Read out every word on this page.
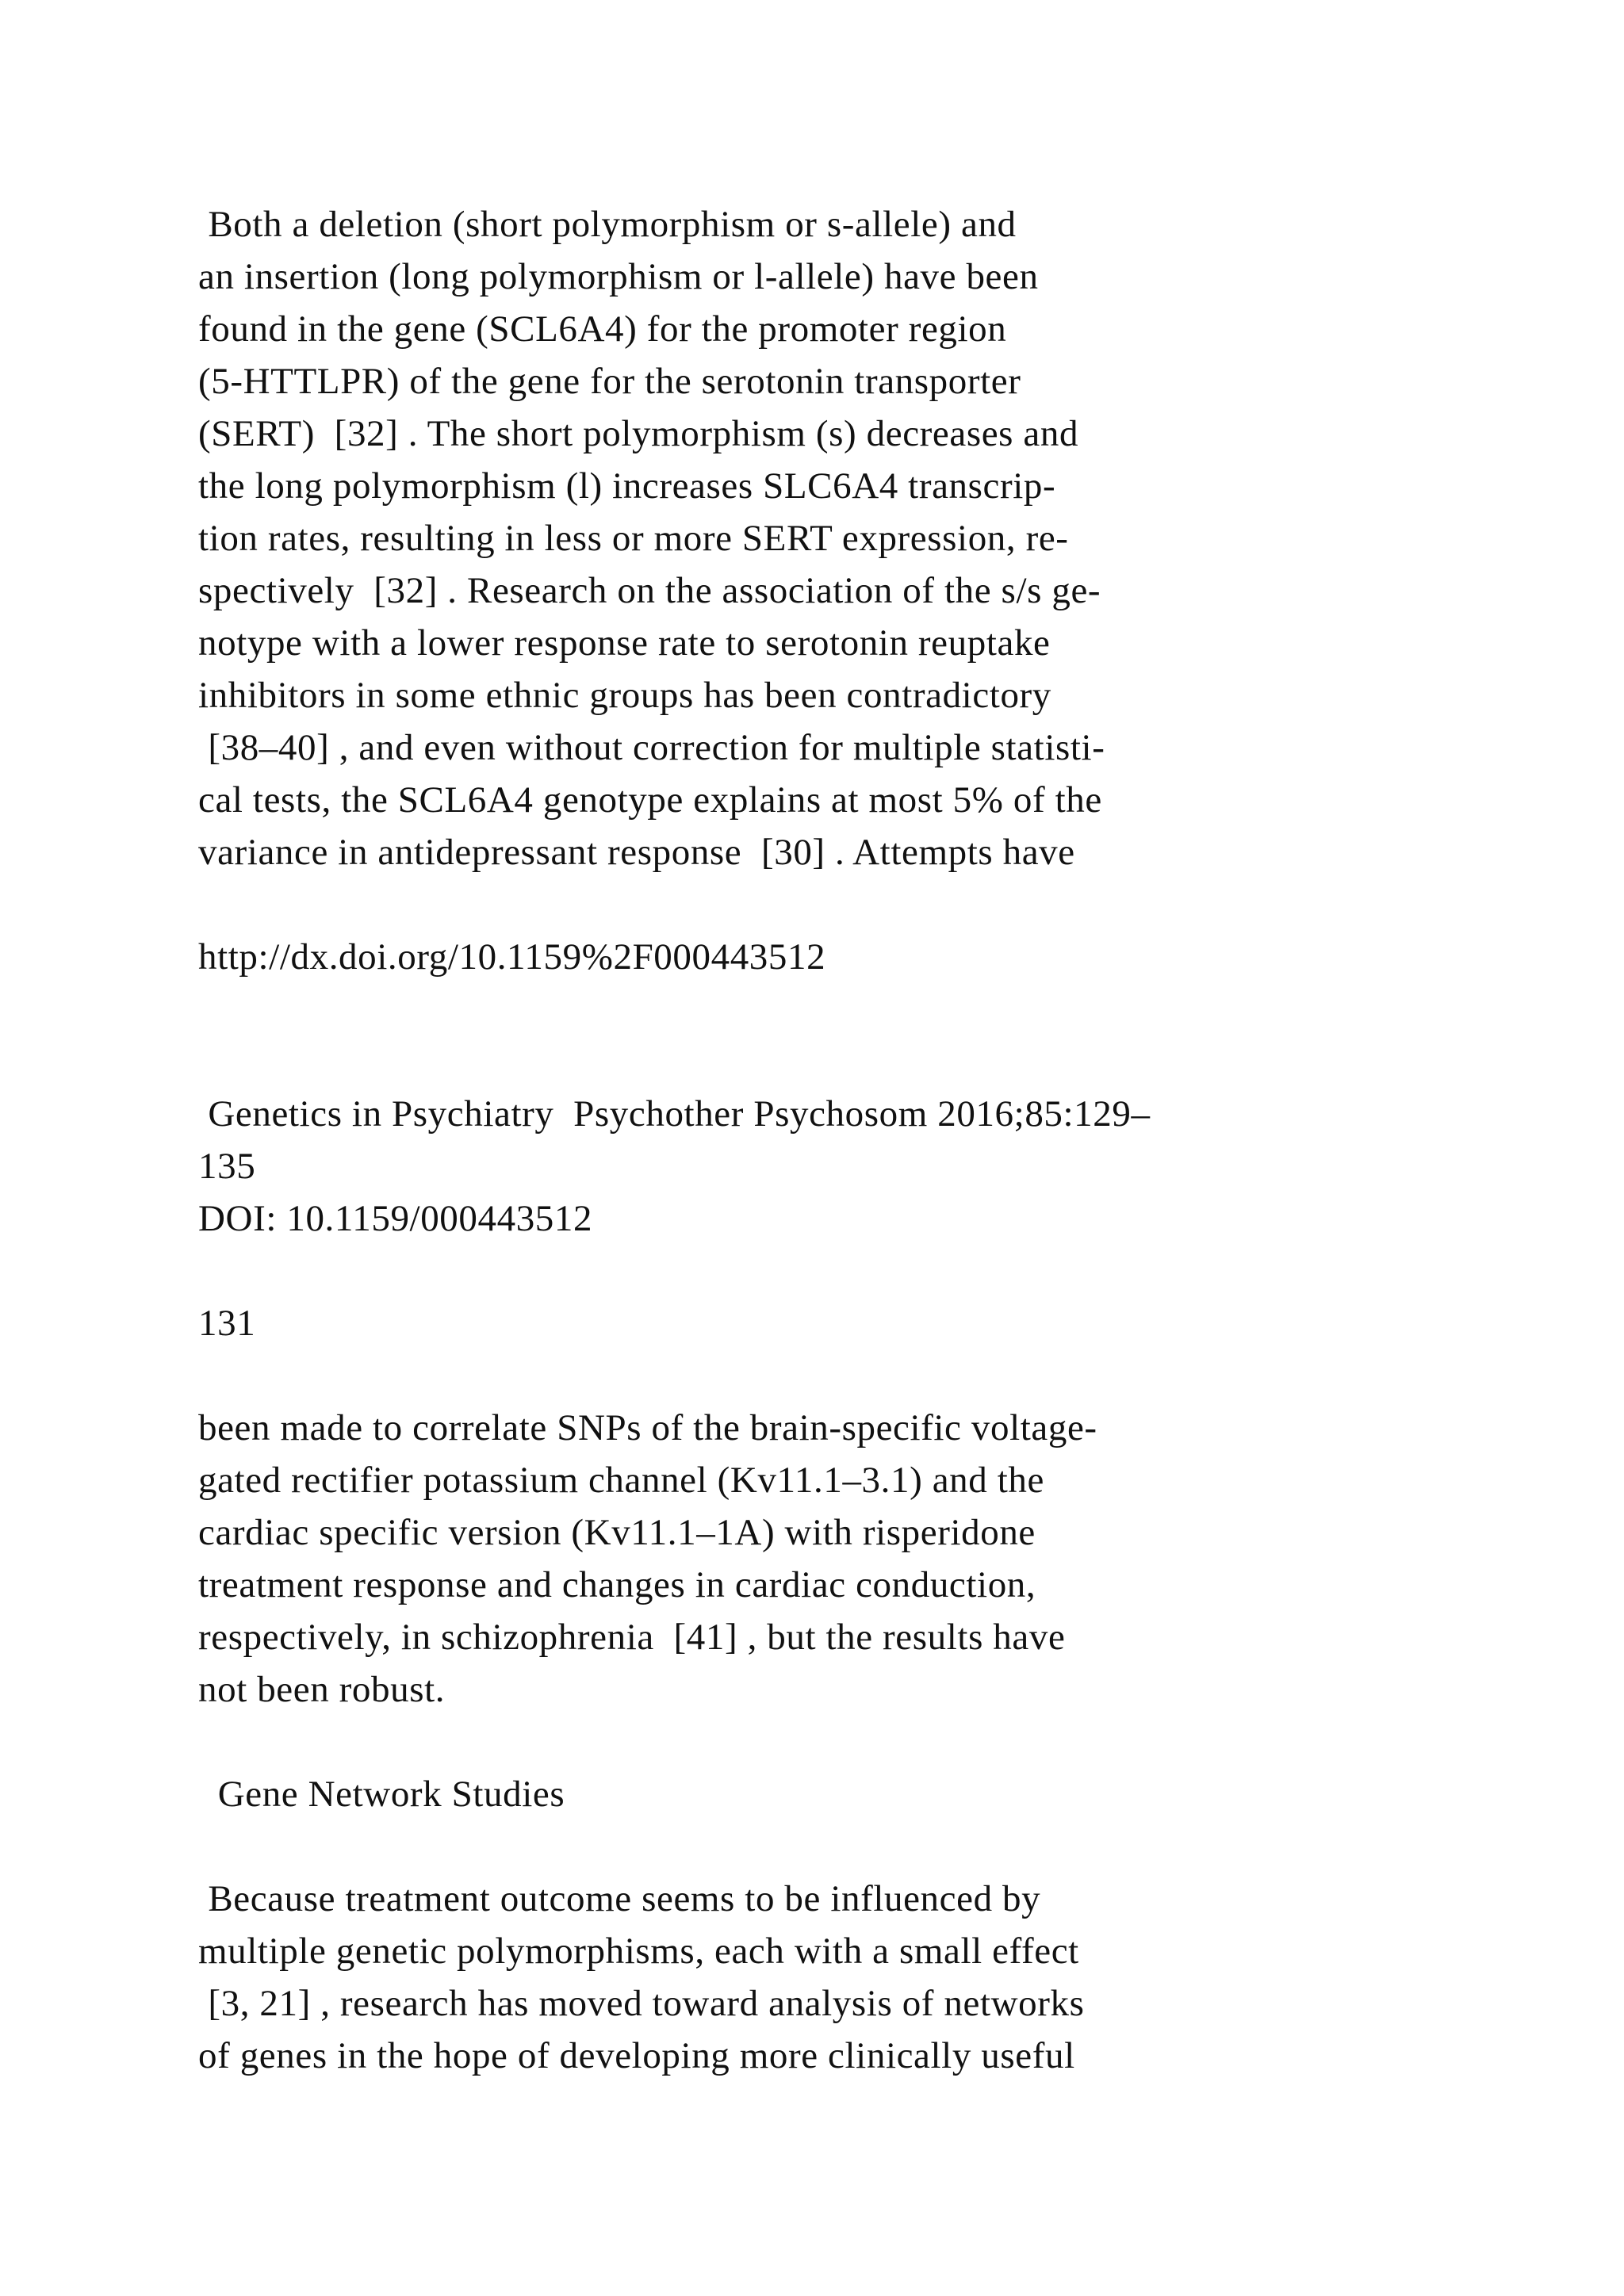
Both a deletion (short polymorphism or s-allele) and
an insertion (long polymorphism or l-allele) have been
found in the gene (SCL6A4) for the promoter region
(5-HTTLPR) of the gene for the serotonin transporter
(SERT)  [32] . The short polymorphism (s) decreases and
the long polymorphism (l) increases SLC6A4 transcrip-
tion rates, resulting in less or more SERT expression, re-
spectively  [32] . Research on the association of the s/s ge-
notype with a lower response rate to serotonin reuptake
inhibitors in some ethnic groups has been contradictory
[38–40] , and even without correction for multiple statisti-
cal tests, the SCL6A4 genotype explains at most 5% of the
variance in antidepressant response  [30] . Attempts have
http://dx.doi.org/10.1159%2F000443512
Genetics in Psychiatry  Psychother Psychosom 2016;85:129–
135
DOI: 10.1159/000443512
131
been made to correlate SNPs of the brain-specific voltage-
gated rectifier potassium channel (Kv11.1–3.1) and the
cardiac specific version (Kv11.1–1A) with risperidone
treatment response and changes in cardiac conduction,
respectively, in schizophrenia  [41] , but the results have
not been robust.
Gene Network Studies
Because treatment outcome seems to be influenced by
multiple genetic polymorphisms, each with a small effect
[3, 21] , research has moved toward analysis of networks
of genes in the hope of developing more clinically useful
